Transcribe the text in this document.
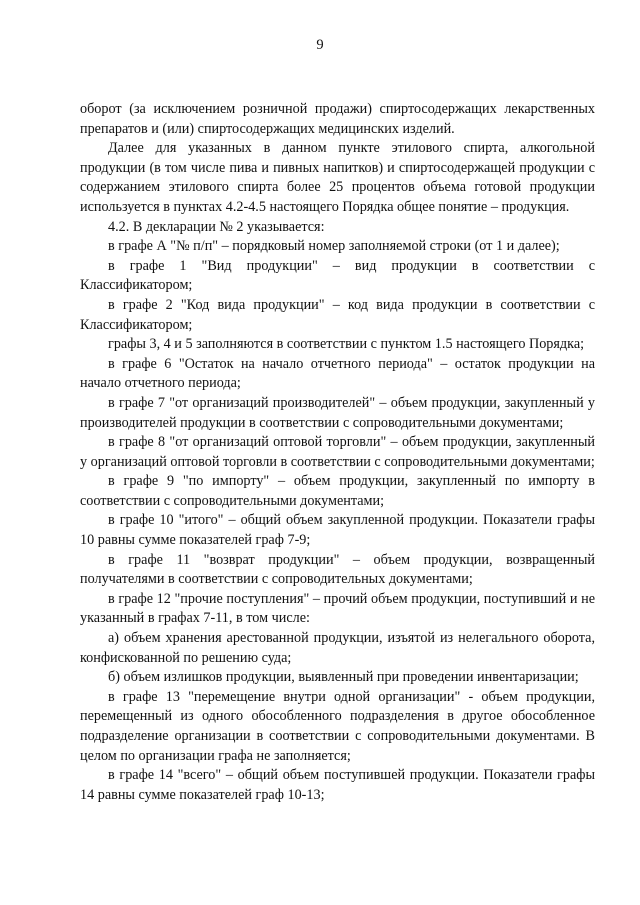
9

оборот (за исключением розничной продажи) спиртосодержащих лекарственных препаратов и (или) спиртосодержащих медицинских изделий.

Далее для указанных в данном пункте этилового спирта, алкогольной продукции (в том числе пива и пивных напитков) и спиртосодержащей продукции с содержанием этилового спирта более 25 процентов объема готовой продукции используется в пунктах 4.2-4.5 настоящего Порядка общее понятие – продукция.

4.2. В декларации № 2 указывается:

в графе А "№ п/п" – порядковый номер заполняемой строки (от 1 и далее);

в графе 1 "Вид продукции" – вид продукции в соответствии с Классификатором;

в графе 2 "Код вида продукции" – код вида продукции в соответствии с Классификатором;

графы 3, 4 и 5 заполняются в соответствии с пунктом 1.5 настоящего Порядка;

в графе 6 "Остаток на начало отчетного периода" – остаток продукции на начало отчетного периода;

в графе 7 "от организаций производителей" – объем продукции, закупленный у производителей продукции в соответствии с сопроводительными документами;

в графе 8 "от организаций оптовой торговли" – объем продукции, закупленный у организаций оптовой торговли в соответствии с сопроводительными документами;

в графе 9 "по импорту" – объем продукции, закупленный по импорту в соответствии с сопроводительными документами;

в графе 10 "итого" – общий объем закупленной продукции. Показатели графы 10 равны сумме показателей граф 7-9;

в графе 11 "возврат продукции" – объем продукции, возвращенный получателями в соответствии с сопроводительных документами;

в графе 12 "прочие поступления" – прочий объем продукции, поступивший и не указанный в графах 7-11, в том числе:

а) объем хранения арестованной продукции, изъятой из нелегального оборота, конфискованной по решению суда;

б) объем излишков продукции, выявленный при проведении инвентаризации;

в графе 13 "перемещение внутри одной организации" - объем продукции, перемещенный из одного обособленного подразделения в другое обособленное подразделение организации в соответствии с сопроводительными документами. В целом по организации графа не заполняется;

в графе 14 "всего" – общий объем поступившей продукции. Показатели графы 14 равны сумме показателей граф 10-13;
